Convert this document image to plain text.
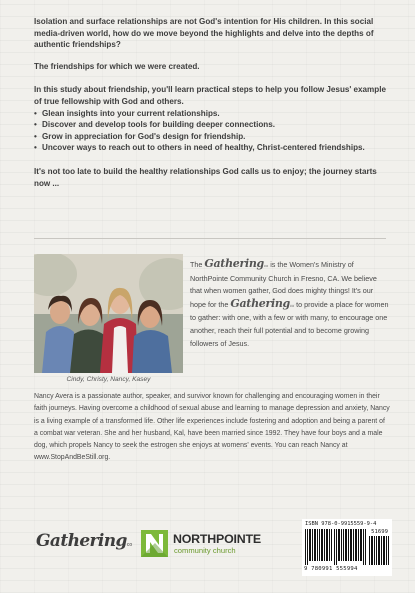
Isolation and surface relationships are not God's intention for His children. In this social media-driven world, how do we move beyond the highlights and delve into the depths of authentic friendships?

The friendships for which we were created.

In this study about friendship, you'll learn practical steps to help you follow Jesus' example of true fellowship with God and others.

• Glean insights into your current relationships.
• Discover and develop tools for building deeper connections.
• Grow in appreciation for God's design for friendship.
• Uncover ways to reach out to others in need of healthy, Christ-centered friendships.

It's not too late to build the healthy relationships God calls us to enjoy; the journey starts now ...

Cindy, Christy, Nancy, Kasey
The Gatheringco is the Women's Ministry of NorthPointe Community Church in Fresno, CA. We believe that when women gather, God does mighty things! It's our hope for the Gatheringco to provide a place for women to gather: with one, with a few or with many, to encourage one another, reach their full potential and to become growing followers of Jesus.

Nancy Avera is a passionate author, speaker, and survivor known for challenging and encouraging women in their faith journeys. Having overcome a childhood of sexual abuse and learning to manage depression and anxiety, Nancy is a living example of a transformed life. Other life experiences include fostering and adoption and being a parent of a combat war veteran. She and her husband, Kal, have been married since 1992. They have four boys and a male dog, which propels Nancy to seek the estrogen she enjoys at womens' events. You can reach Nancy at www.StopAndBeStill.org.

Gatheringco	NORTHPOINTE
community church
ISBN 978-0-9915559-9-4
51699
9 780991 555994
